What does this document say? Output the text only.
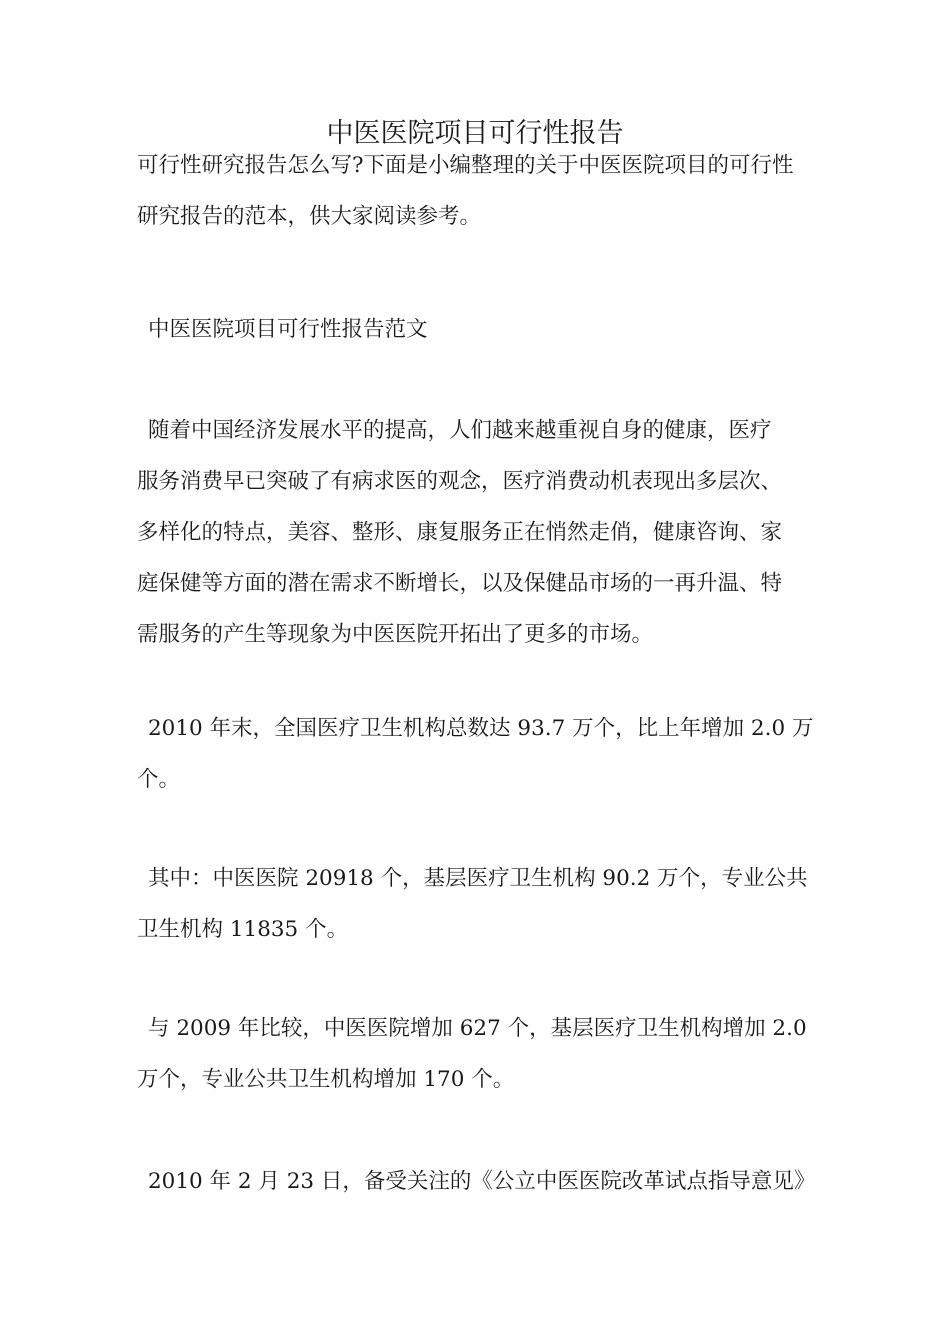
中医医院项目可行性报告
可行性研究报告怎么写?下面是小编整理的关于中医医院项目的可行性
研究报告的范本，供大家阅读参考。
中医医院项目可行性报告范文
随着中国经济发展水平的提高，人们越来越重视自身的健康，医疗
服务消费早已突破了有病求医的观念，医疗消费动机表现出多层次、
多样化的特点，美容、整形、康复服务正在悄然走俏，健康咨询、家
庭保健等方面的潜在需求不断增长，以及保健品市场的一再升温、特
需服务的产生等现象为中医医院开拓出了更多的市场。
2010 年末，全国医疗卫生机构总数达 93.7 万个，比上年增加 2.0 万
个。
其中：中医医院 20918 个，基层医疗卫生机构 90.2 万个，专业公共
卫生机构 11835 个。
与 2009 年比较，中医医院增加 627 个，基层医疗卫生机构增加 2.0
万个，专业公共卫生机构增加 170 个。
2010 年 2 月 23 日，备受关注的《公立中医医院改革试点指导意见》
